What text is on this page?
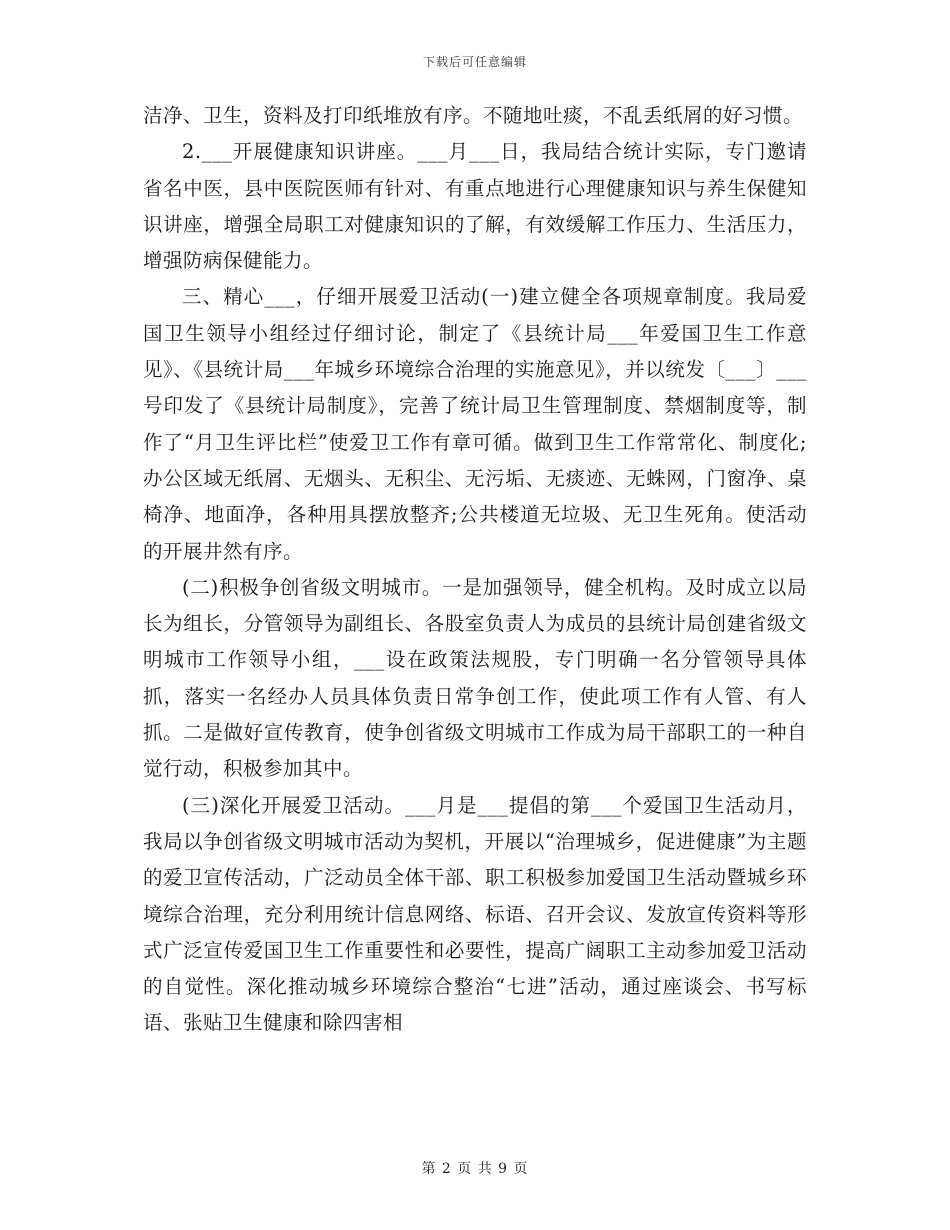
下载后可任意编辑

洁净、卫生，资料及打印纸堆放有序。不随地吐痰，不乱丢纸屑的好习惯。

2.___开展健康知识讲座。___月___日，我局结合统计实际，专门邀请省名中医，县中医院医师有针对、有重点地进行心理健康知识与养生保健知识讲座，增强全局职工对健康知识的了解，有效缓解工作压力、生活压力，增强防病保健能力。

三、精心___，仔细开展爱卫活动(一)建立健全各项规章制度。我局爱国卫生领导小组经过仔细讨论，制定了《县统计局___年爱国卫生工作意见》、《县统计局___年城乡环境综合治理的实施意见》，并以统发〔___〕___号印发了《县统计局制度》，完善了统计局卫生管理制度、禁烟制度等，制作了“月卫生评比栏”使爱卫工作有章可循。做到卫生工作常常化、制度化;办公区域无纸屑、无烟头、无积尘、无污垢、无痰迹、无蛛网，门窗净、桌椅净、地面净，各种用具摆放整齐;公共楼道无垃圾、无卫生死角。使活动的开展井然有序。

(二)积极争创省级文明城市。一是加强领导，健全机构。及时成立以局长为组长，分管领导为副组长、各股室负责人为成员的县统计局创建省级文明城市工作领导小组，___设在政策法规股，专门明确一名分管领导具体抓，落实一名经办人员具体负责日常争创工作，使此项工作有人管、有人抓。二是做好宣传教育，使争创省级文明城市工作成为局干部职工的一种自觉行动，积极参加其中。

(三)深化开展爱卫活动。___月是___提倡的第___个爱国卫生活动月，我局以争创省级文明城市活动为契机，开展以“治理城乡，促进健康”为主题的爱卫宣传活动，广泛动员全体干部、职工积极参加爱国卫生活动暨城乡环境综合治理，充分利用统计信息网络、标语、召开会议、发放宣传资料等形式广泛宣传爱国卫生工作重要性和必要性，提高广阔职工主动参加爱卫活动的自觉性。深化推动城乡环境综合整治“七进”活动，通过座谈会、书写标语、张贴卫生健康和除四害相

第 2 页 共 9 页
